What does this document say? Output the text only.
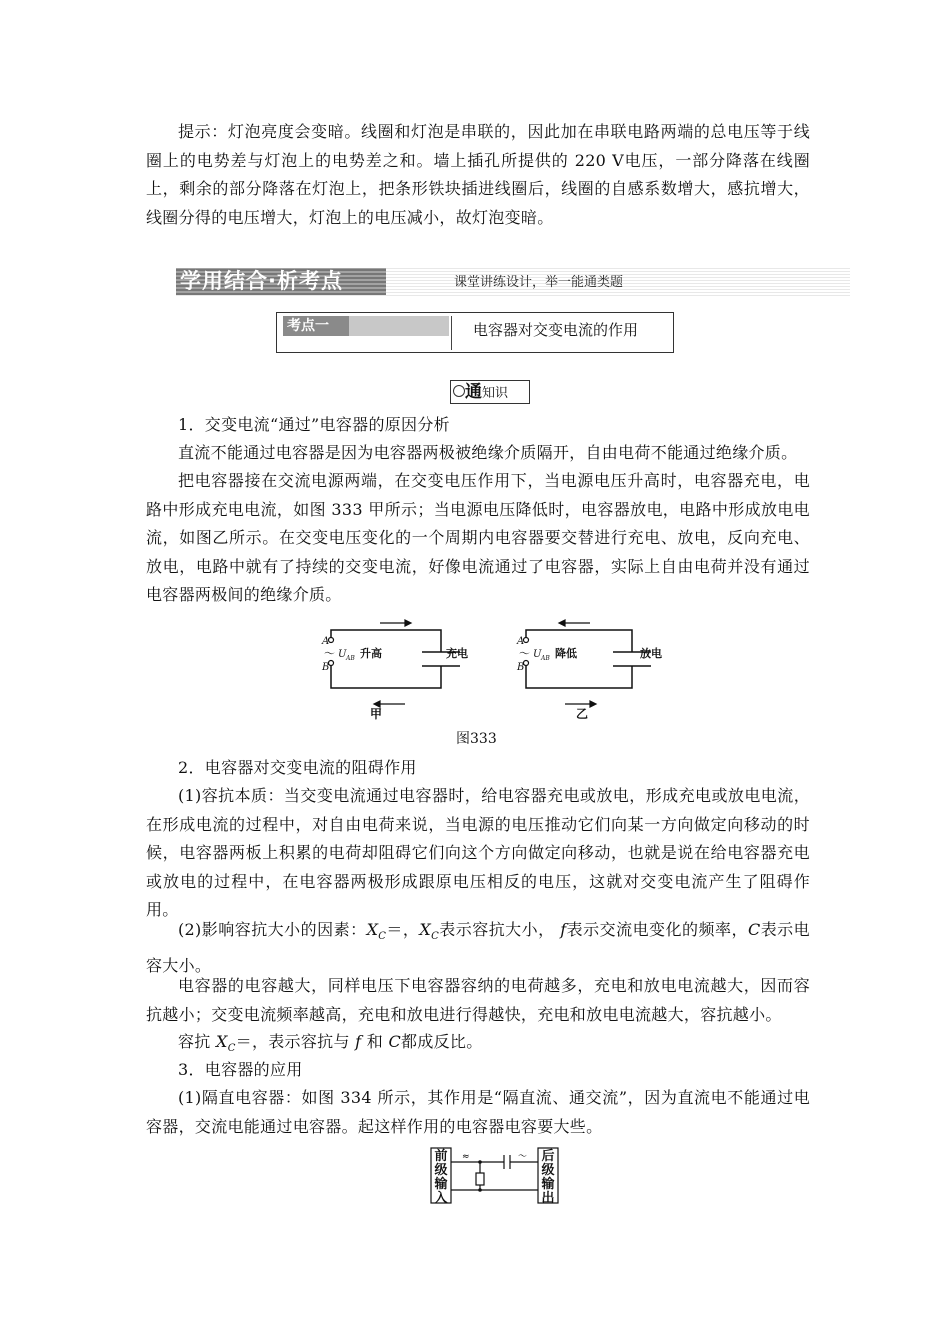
提示：灯泡亮度会变暗。线圈和灯泡是串联的，因此加在串联电路两端的总电压等于线圈上的电势差与灯泡上的电势差之和。墙上插孔所提供的 220 V电压，一部分降落在线圈上，剩余的部分降落在灯泡上，把条形铁块插进线圈后，线圈的自感系数增大，感抗增大，线圈分得的电压增大，灯泡上的电压减小，故灯泡变暗。

学用结合·析考点	课堂讲练设计，举一能通类题
考点一	电容器对交变电流的作用
通知识

1．交变电流“通过”电容器的原因分析

直流不能通过电容器是因为电容器两极被绝缘介质隔开，自由电荷不能通过绝缘介质。

把电容器接在交流电源两端，在交变电压作用下，当电源电压升高时，电容器充电，电路中形成充电电流，如图 333 甲所示；当电源电压降低时，电容器放电，电路中形成放电电流，如图乙所示。在交变电压变化的一个周期内电容器要交替进行充电、放电，反向充电、放电，电路中就有了持续的交变电流，好像电流通过了电容器，实际上自由电荷并没有通过电容器两极间的绝缘介质。

A
B
～ U AB 升高	充电
A
B
～ U AB 降低	放电
甲	乙
图333

2．电容器对交变电流的阻碍作用

(1)容抗本质：当交变电流通过电容器时，给电容器充电或放电，形成充电或放电电流，在形成电流的过程中，对自由电荷来说，当电源的电压推动它们向某一方向做定向移动的时候，电容器两板上积累的电荷却阻碍它们向这个方向做定向移动，也就是说在给电容器充电或放电的过程中，在电容器两极形成跟原电压相反的电压，这就对交变电流产生了阻碍作用。

(2)影响容抗大小的因素：$X_C=$，$X_C$表示容抗大小， f表示交流电变化的频率，C表示电容大小。

电容器的电容越大，同样电压下电容器容纳的电荷越多，充电和放电电流越大，因而容抗越小；交变电流频率越高，充电和放电进行得越快，充电和放电电流越大，容抗越小。

容抗 $X_C=$，表示容抗与 f 和 C都成反比。

3．电容器的应用

(1)隔直电容器：如图 334 所示，其作用是“隔直流、通交流”，因为直流电不能通过电容器，交流电能通过电容器。起这样作用的电容器电容要大些。

≈	～
前
级
输
入
后
级
输
出
